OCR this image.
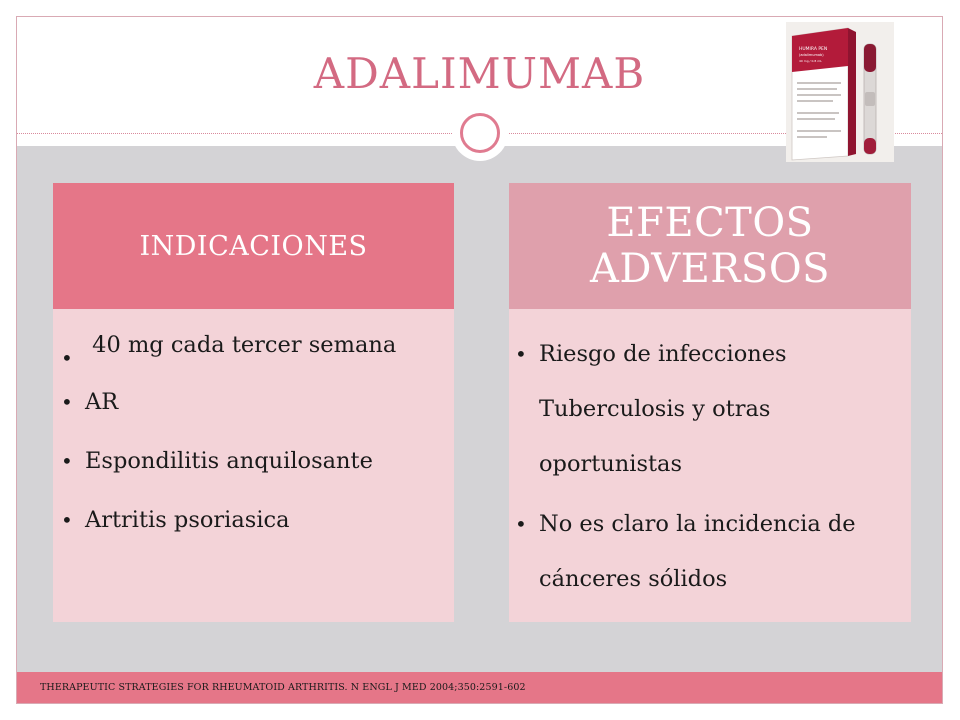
ADALIMUMAB	HUMIRA PEN
(adalimumab)
40 mg / 0.8 mL
INDICACIONES
• 40 mg cada tercer semana
• AR
• Espondilitis anquilosante
• Artritis psoriasica
EFECTOS ADVERSOS
• Riesgo de infecciones Tuberculosis y otras oportunistas
• No es claro la incidencia de cánceres sólidos
THERAPEUTIC STRATEGIES FOR RHEUMATOID ARTHRITIS. N ENGL J MED 2004;350:2591-602
